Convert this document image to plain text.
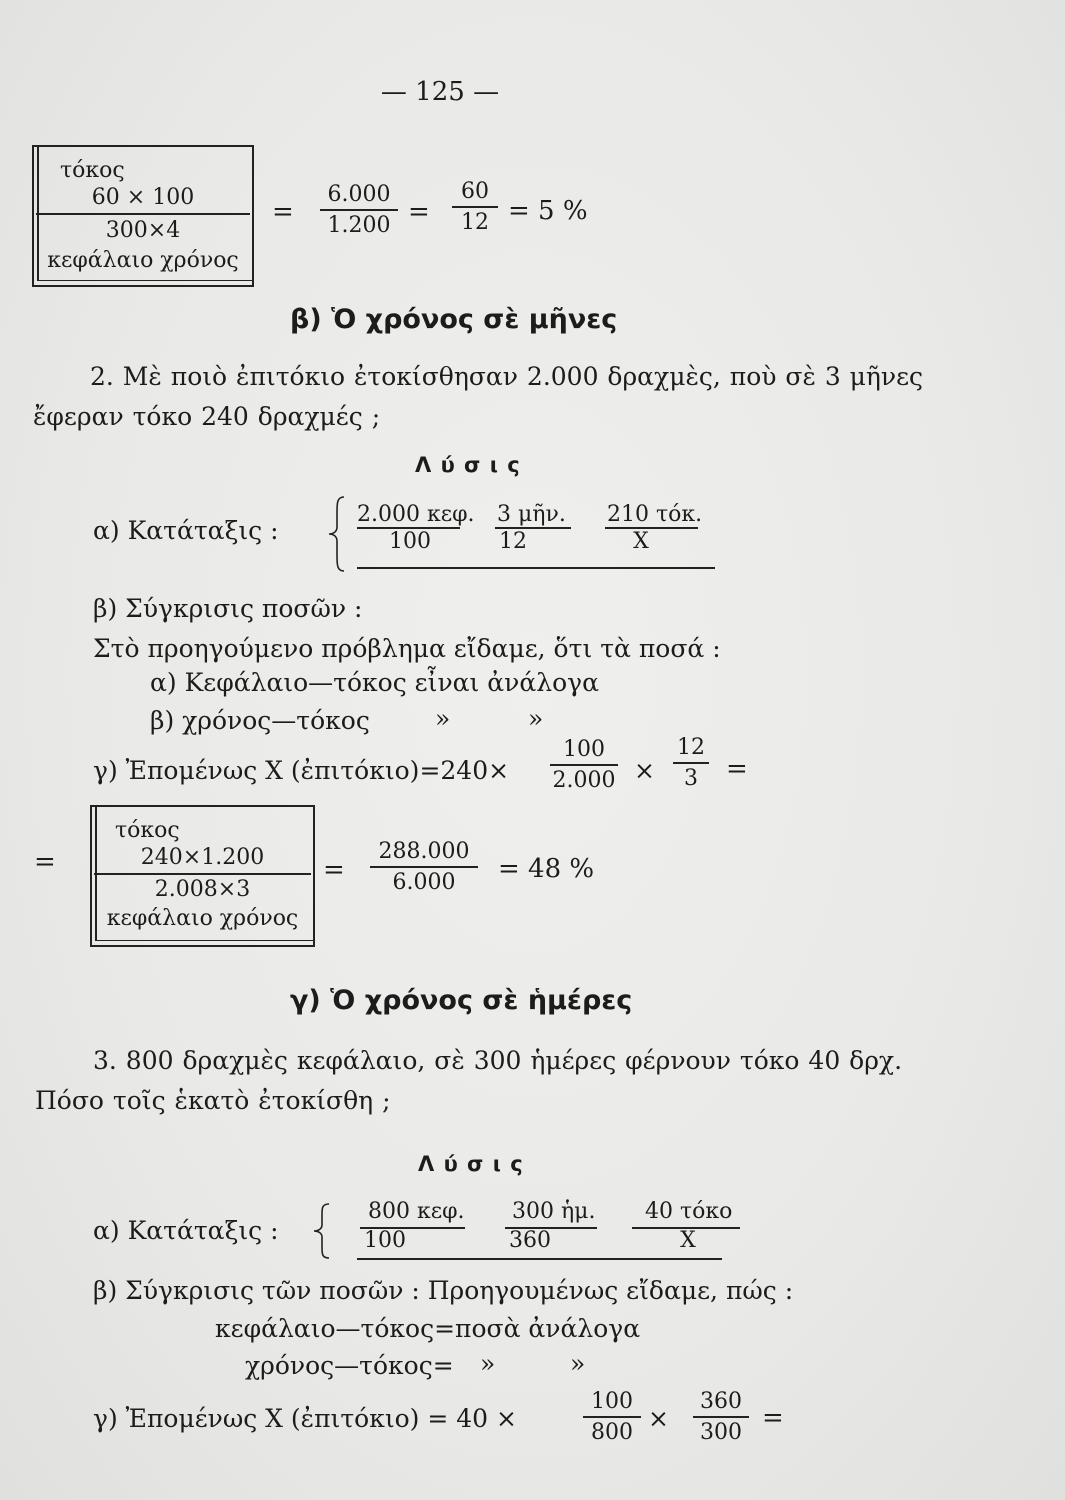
— 125 —
τόκος
60 × 100
300×4
κεφάλαιο χρόνος
=
6.000
1.200 =
60
12 = 5 %
β) Ὁ χρόνος σὲ μῆνες
2. Μὲ ποιὸ ἐπιτόκιο ἐτοκίσθησαν 2.000 δραχμὲς, ποὺ σὲ 3 μῆνες
ἔφεραν τόκο 240 δραχμές ;
Λ ύ σ ι ς
α) Κατάταξις :
2.000 κεφ. 3 μῆν. 210 τόκ.
100	12	Χ
β) Σύγκρισις ποσῶν :
Στὸ προηγούμενο πρόβλημα εἴδαμε, ὅτι τὰ ποσά :
α) Κεφάλαιο—τόκος εἶναι ἀνάλογα
β) χρόνος—τόκος	»	»
γ) Ἐπομένως Χ (ἐπιτόκιο)=240×
100
2.000 ×
12
3 =
=
τόκος
240×1.200
2.008×3
κεφάλαιο χρόνος
=
288.000
6.000 = 48 %
γ) Ὁ χρόνος σὲ ἡμέρες
3. 800 δραχμὲς κεφάλαιο, σὲ 300 ἡμέρες φέρνουν τόκο 40 δρχ.
Πόσο τοῖς ἑκατὸ ἐτοκίσθη ;
Λ ύ σ ι ς
α) Κατάταξις :
800 κεφ. 300 ἡμ. 40 τόκο
100	360	Χ
β) Σύγκρισις τῶν ποσῶν : Προηγουμένως εἴδαμε, πώς :
κεφάλαιο—τόκος=ποσὰ ἀνάλογα
χρόνος—τόκος= »	»
γ) Ἐπομένως Χ (ἐπιτόκιο) = 40 ×
100
800 ×
360
300 =
